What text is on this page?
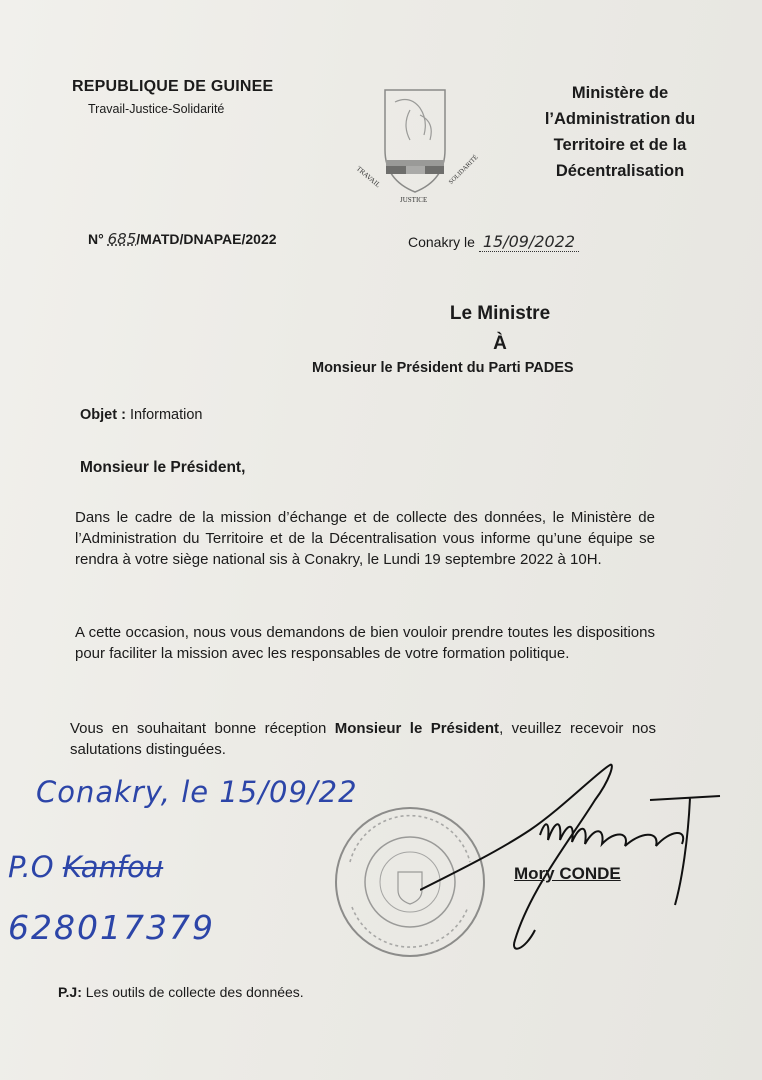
REPUBLIQUE DE GUINEE
Travail-Justice-Solidarité
TRAVAIL
JUSTICE
SOLIDARITÉ
Ministère de
l’Administration du
Territoire et de la
Décentralisation
N° 685/MATD/DNAPAE/2022	Conakry le 15/09/2022
Le Ministre
À
Monsieur le Président du Parti PADES
Objet : Information
Monsieur le Président,
Dans le cadre de la mission d’échange et de collecte des données, le Ministère de l’Administration du Territoire et de la Décentralisation vous informe qu’une équipe se rendra à votre siège national sis à Conakry, le Lundi 19 septembre 2022 à 10H.
A cette occasion, nous vous demandons de bien vouloir prendre toutes les dispositions pour faciliter la mission avec les responsables de votre formation politique.
Vous en souhaitant bonne réception Monsieur le Président, veuillez recevoir nos salutations distinguées.
Conakry, le 15/09/22
P.O Kanfou
628017379
Mory CONDE
P.J: Les outils de collecte des données.
